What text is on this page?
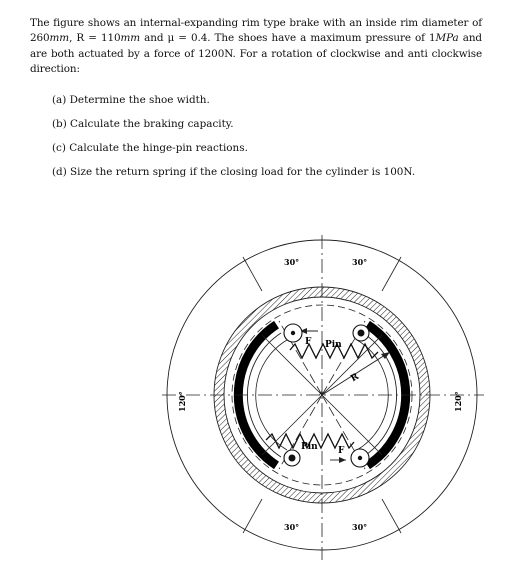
The figure shows an internal-expanding rim type brake with an inside rim diameter of 260mm, R = 110mm and μ = 0.4. The shoes have a maximum pressure of 1MPa and are both actuated by a force of 1200N. For a rotation of clockwise and anti clockwise direction:
(a) Determine the shoe width.
(b) Calculate the braking capacity.
(c) Calculate the hinge-pin reactions.
(d) Size the return spring if the closing load for the cylinder is 100N.
*
30°	30°
30°	30°
120°	120°
F
F
Pin
Pin
R
